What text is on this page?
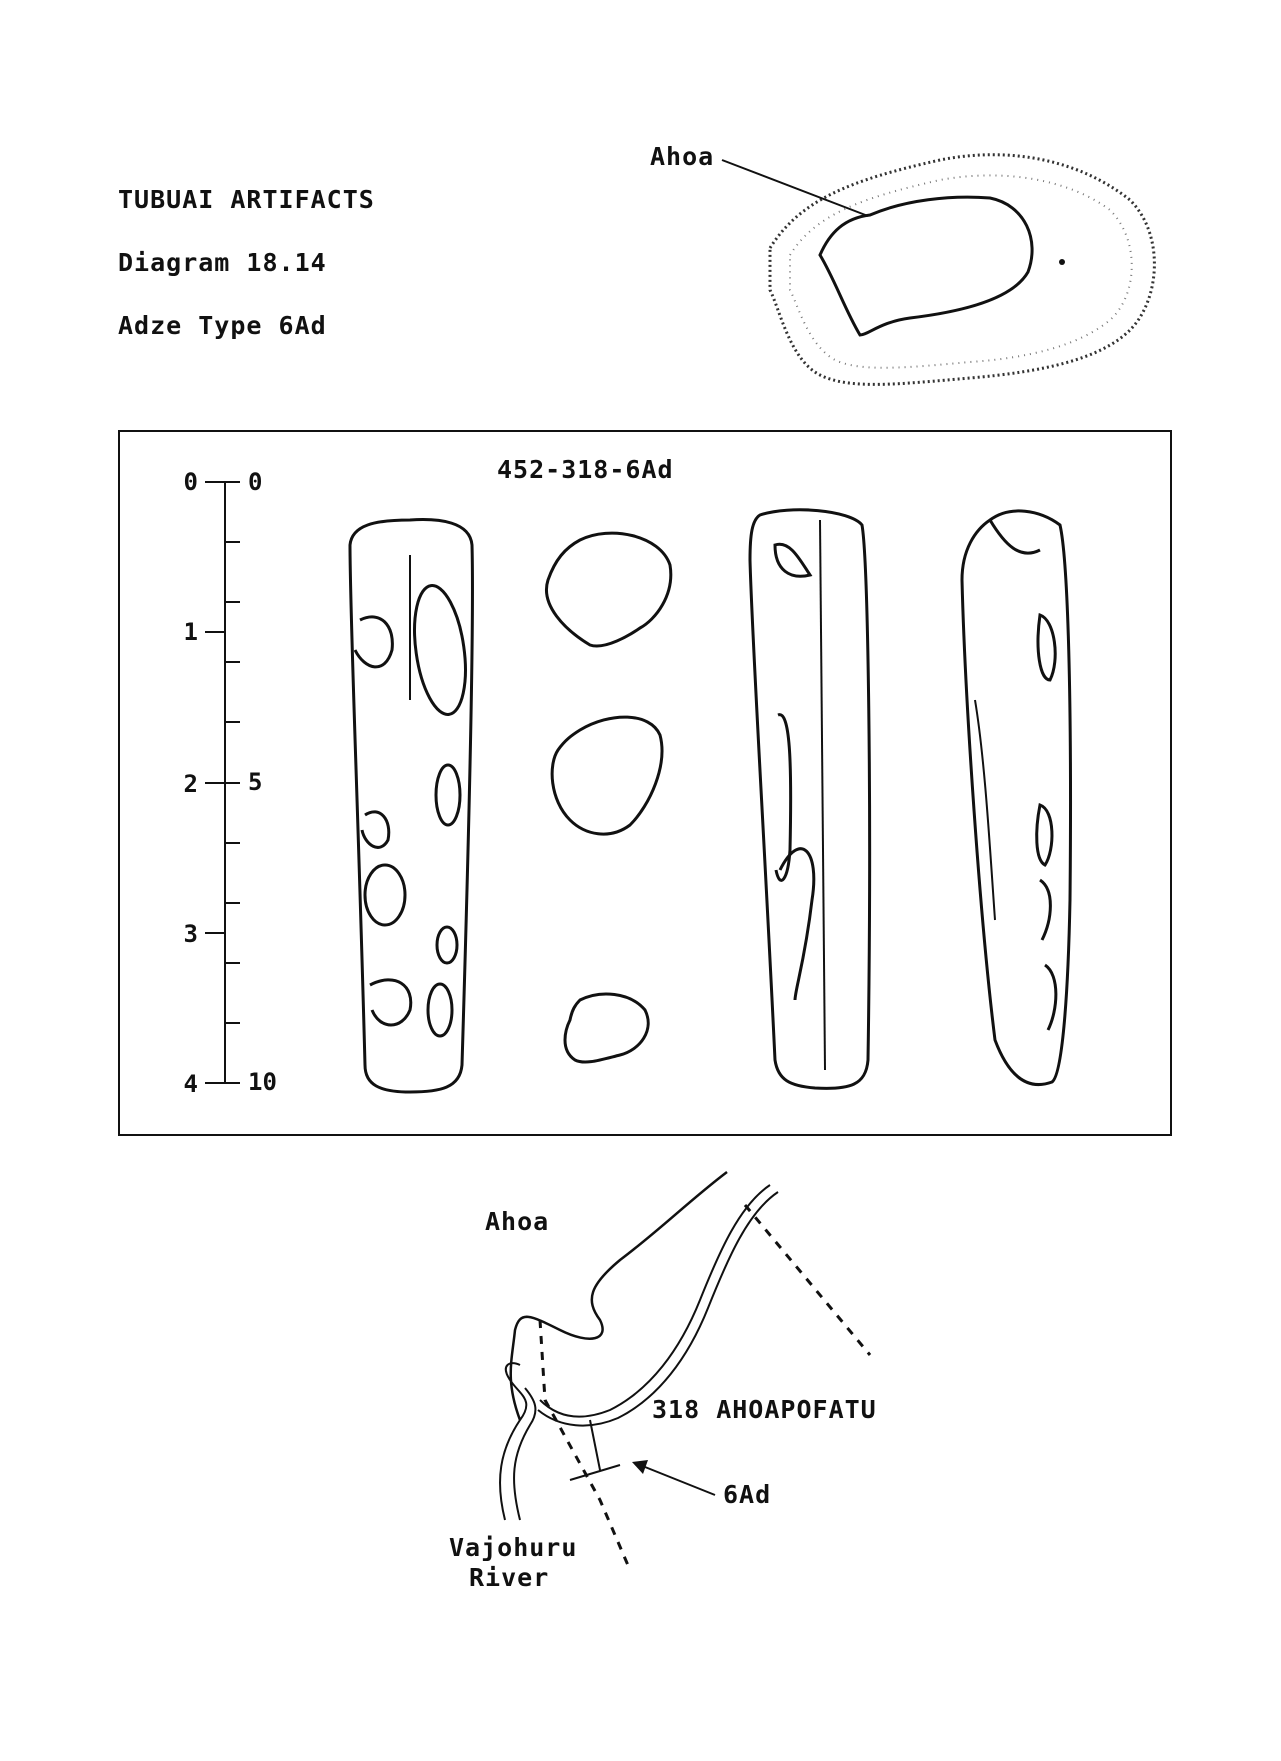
TUBUAI ARTIFACTS
Diagram 18.14
Adze Type 6Ad
Ahoa
452-318-6Ad
0
1
2
3
4
0
5
10
Ahoa
318 AHOAPOFATU
6Ad
Vajohuru
River
